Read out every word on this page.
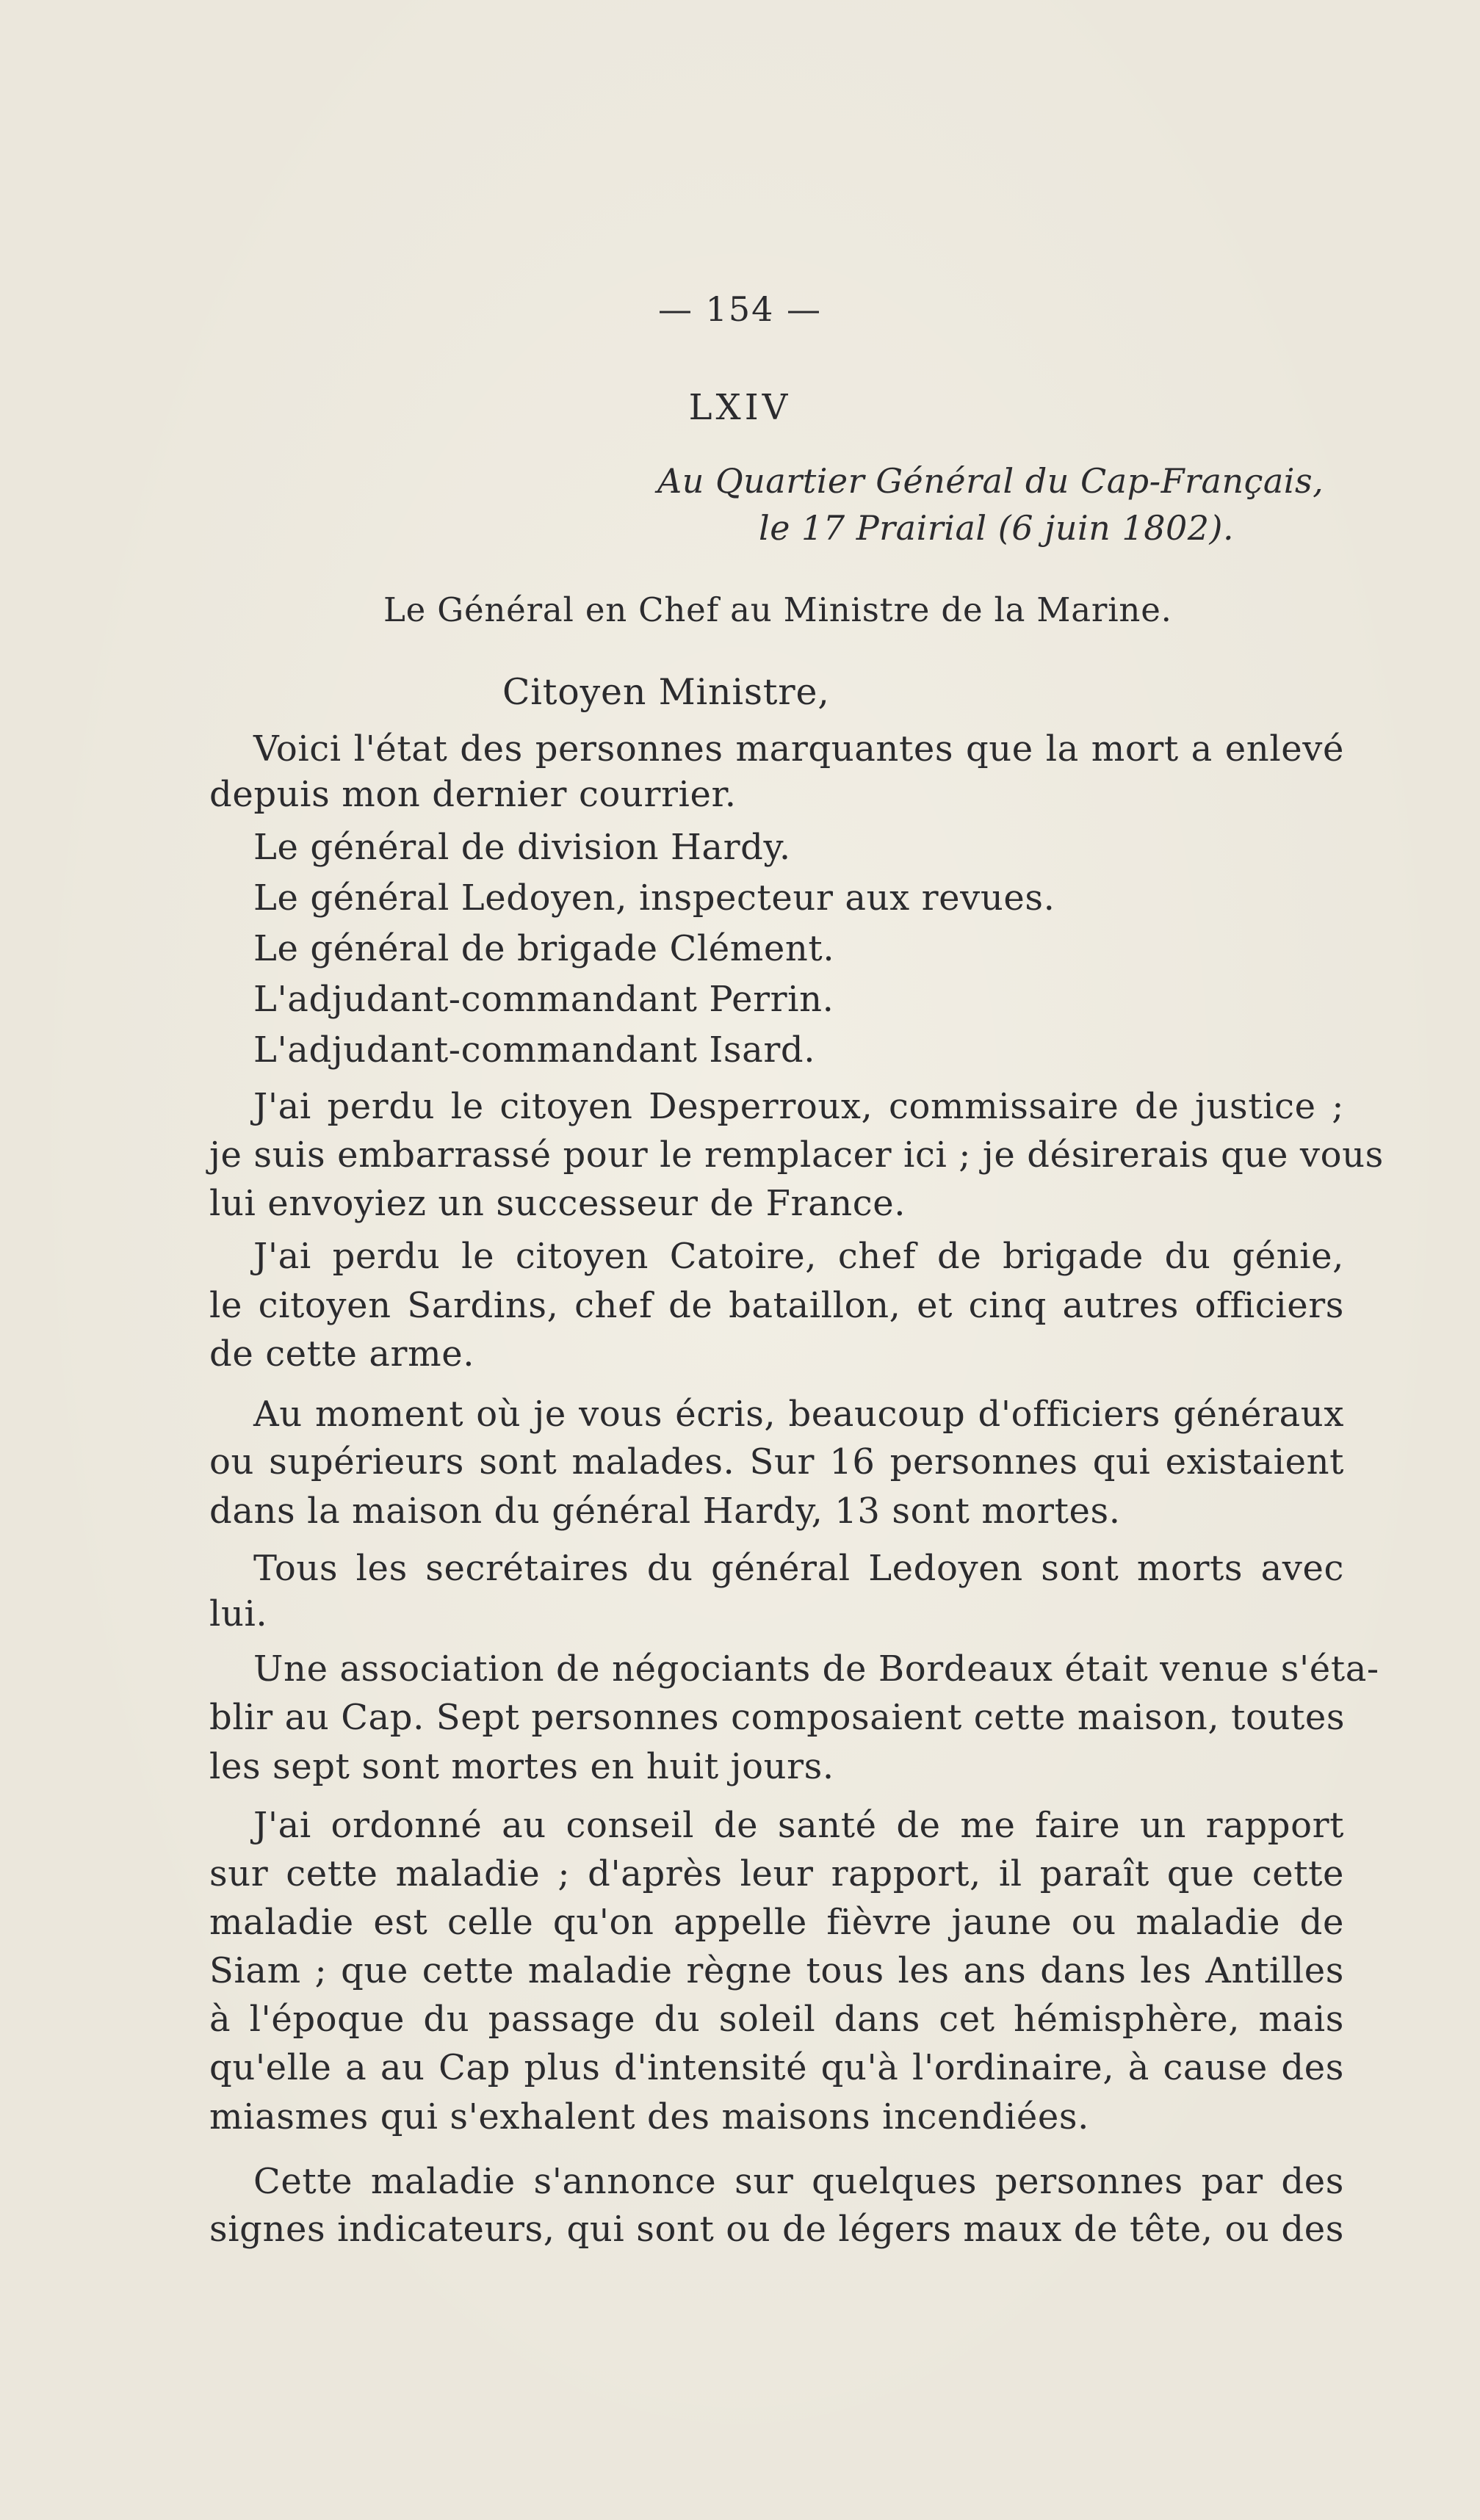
— 154 —
LXIV
Au Quartier Général du Cap-Français,
le 17 Prairial (6 juin 1802).
Le Général en Chef au Ministre de la Marine.
Citoyen Ministre,
Voici l'état des personnes marquantes que la mort a enlevé
depuis mon dernier courrier.
Le général de division Hardy.
Le général Ledoyen, inspecteur aux revues.
Le général de brigade Clément.
L'adjudant-commandant Perrin.
L'adjudant-commandant Isard.
J'ai perdu le citoyen Desperroux, commissaire de justice ;
je suis embarrassé pour le remplacer ici ; je désirerais que vous
lui envoyiez un successeur de France.
J'ai perdu le citoyen Catoire, chef de brigade du génie,
le citoyen Sardins, chef de bataillon, et cinq autres officiers
de cette arme.
Au moment où je vous écris, beaucoup d'officiers généraux
ou supérieurs sont malades. Sur 16 personnes qui existaient
dans la maison du général Hardy, 13 sont mortes.
Tous les secrétaires du général Ledoyen sont morts avec
lui.
Une association de négociants de Bordeaux était venue s'éta-
blir au Cap. Sept personnes composaient cette maison, toutes
les sept sont mortes en huit jours.
J'ai ordonné au conseil de santé de me faire un rapport
sur cette maladie ; d'après leur rapport, il paraît que cette
maladie est celle qu'on appelle fièvre jaune ou maladie de
Siam ; que cette maladie règne tous les ans dans les Antilles
à l'époque du passage du soleil dans cet hémisphère, mais
qu'elle a au Cap plus d'intensité qu'à l'ordinaire, à cause des
miasmes qui s'exhalent des maisons incendiées.
Cette maladie s'annonce sur quelques personnes par des
signes indicateurs, qui sont ou de légers maux de tête, ou des
